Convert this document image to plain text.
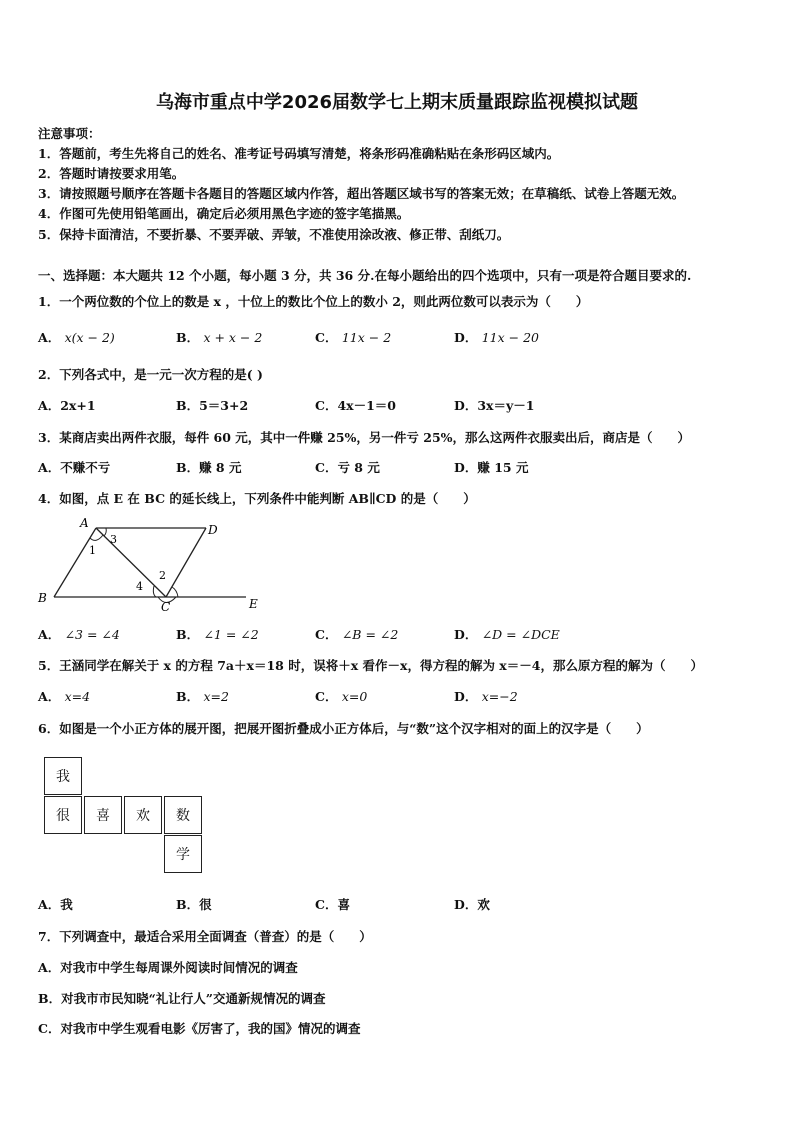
乌海市重点中学2026届数学七上期末质量跟踪监视模拟试题
注意事项：
1．答题前，考生先将自己的姓名、准考证号码填写清楚，将条形码准确粘贴在条形码区域内。
2．答题时请按要求用笔。
3．请按照题号顺序在答题卡各题目的答题区域内作答，超出答题区域书写的答案无效；在草稿纸、试卷上答题无效。
4．作图可先使用铅笔画出，确定后必须用黑色字迹的签字笔描黑。
5．保持卡面清洁，不要折暴、不要弄破、弄皱，不准使用涂改液、修正带、刮纸刀。
一、选择题：本大题共 12 个小题，每小题 3 分，共 36 分.在每小题给出的四个选项中，只有一项是符合题目要求的.
1．一个两位数的个位上的数是 x ，十位上的数比个位上的数小 2，则此两位数可以表示为（　　）
A． x(x − 2)	B． x + x − 2	C． 11x − 2	D． 11x − 20
2．下列各式中，是一元一次方程的是( )
A．2x+1	B．5＝3+2	C．4x－1＝0	D．3x＝y－1
3．某商店卖出两件衣服，每件 60 元，其中一件赚 25%，另一件亏 25%，那么这两件衣服卖出后，商店是（　　）
A．不赚不亏	B．赚 8 元	C．亏 8 元	D．赚 15 元
4．如图，点 E 在 BC 的延长线上，下列条件中能判断 AB∥CD 的是（　　）
A	D
B
C	E
1
3
4
2
A． ∠3 = ∠4	B． ∠1 = ∠2	C． ∠B = ∠2	D． ∠D = ∠DCE
5．王涵同学在解关于 x 的方程 7a＋x＝18 时，误将＋x 看作－x，得方程的解为 x＝－4，那么原方程的解为（　　）
A． x=4	B． x=2	C． x=0	D． x=−2
6．如图是一个小正方体的展开图，把展开图折叠成小正方体后，与“数”这个汉字相对的面上的汉字是（　　）
我
很	喜	欢	数
学
A．我	B．很	C．喜	D．欢
7．下列调查中，最适合采用全面调查（普查）的是（　　）
A．对我市中学生每周课外阅读时间情况的调查
B．对我市市民知晓“礼让行人”交通新规情况的调查
C．对我市中学生观看电影《厉害了，我的国》情况的调查
